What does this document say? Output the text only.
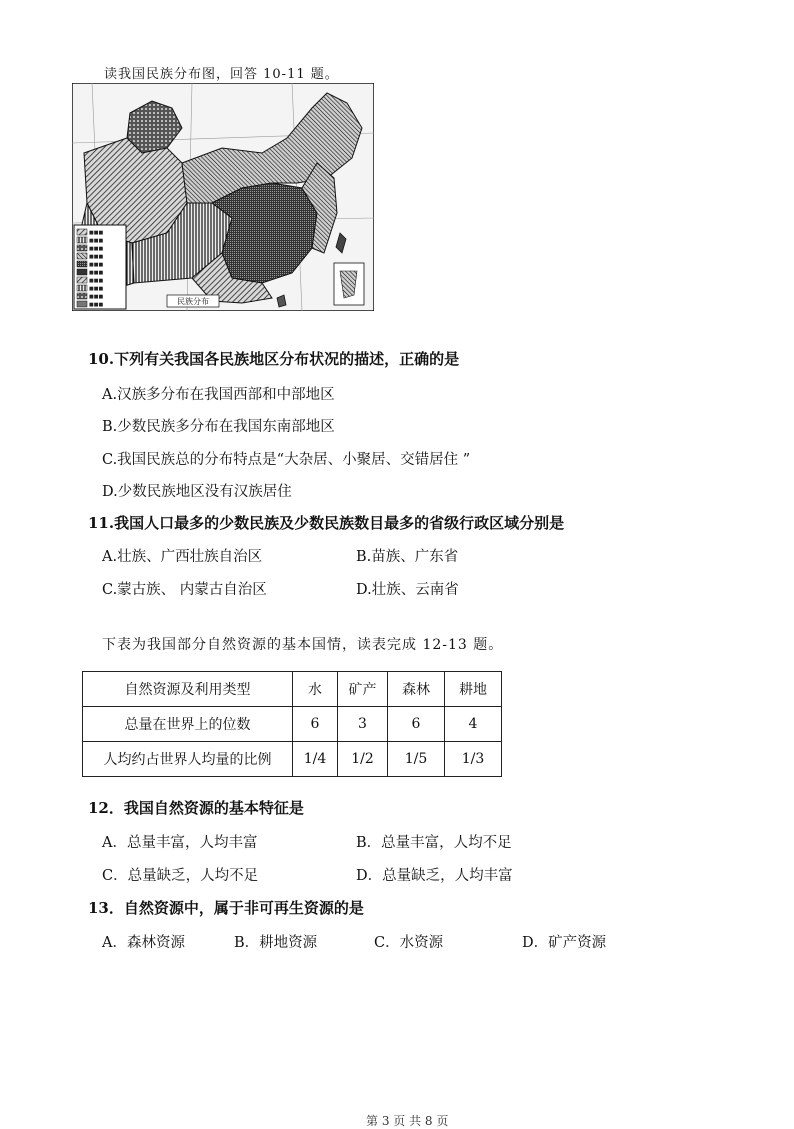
读我国民族分布图，回答 10-11 题。
■■■
■■■
■■■
■■■
■■■
■■■
■■■
■■■
■■■
■■■	民族分布
10.下列有关我国各民族地区分布状况的描述，正确的是
A.汉族多分布在我国西部和中部地区
B.少数民族多分布在我国东南部地区
C.我国民族总的分布特点是“大杂居、小聚居、交错居住 ”
D.少数民族地区没有汉族居住
11.我国人口最多的少数民族及少数民族数目最多的省级行政区域分别是
A.壮族、广西壮族自治区	B.苗族、广东省
C.蒙古族、 内蒙古自治区	D.壮族、云南省
下表为我国部分自然资源的基本国情，读表完成 12-13 题。
自然资源及利用类型	水	矿产	森林	耕地
总量在世界上的位数	6	3	6	4
人均约占世界人均量的比例	1/4	1/2	1/5	1/3
12．我国自然资源的基本特征是
A．总量丰富，人均丰富	B．总量丰富，人均不足
C．总量缺乏，人均不足	D．总量缺乏，人均丰富
13．自然资源中，属于非可再生资源的是
A．森林资源	B．耕地资源	C．水资源	D．矿产资源
第 3 页 共 8 页
